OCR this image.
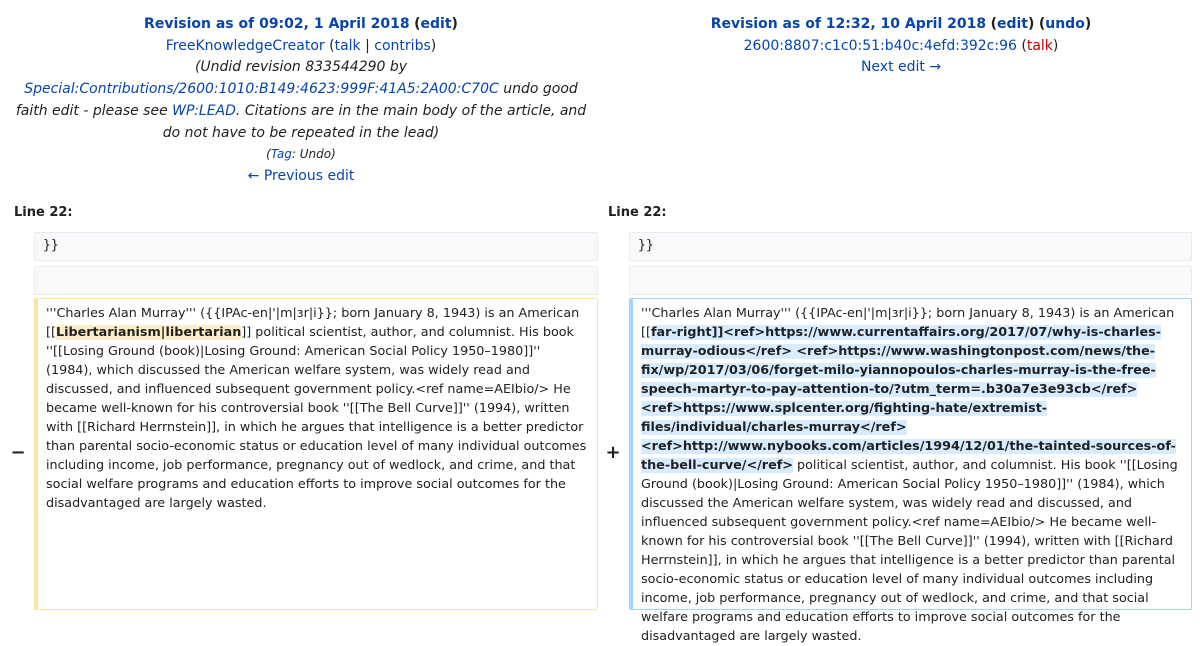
Revision as of 09:02, 1 April 2018 (edit)
FreeKnowledgeCreator (talk | contribs)
(Undid revision 833544290 by Special:Contributions/2600:1010:B149:4623:999F:41A5:2A00:C70C undo good faith edit - please see WP:LEAD. Citations are in the main body of the article, and do not have to be repeated in the lead)
(Tag: Undo)
← Previous edit
Revision as of 12:32, 10 April 2018 (edit) (undo)
2600:8807:c1c0:51:b40c:4efd:392c:96 (talk)
Next edit →
Line 22:	Line 22:
}}	}}
−	+
'''Charles Alan Murray''' ({{IPAc-en|'|m|ɜr|i}}; born January 8, 1943) is an American [[Libertarianism|libertarian]] political scientist, author, and columnist. His book ''[[Losing Ground (book)|Losing Ground: American Social Policy 1950–1980]]'' (1984), which discussed the American welfare system, was widely read and discussed, and influenced subsequent government policy.<ref name=AEIbio/> He became well-known for his controversial book ''[[The Bell Curve]]'' (1994), written with [[Richard Herrnstein]], in which he argues that intelligence is a better predictor than parental socio-economic status or education level of many individual outcomes including income, job performance, pregnancy out of wedlock, and crime, and that social welfare programs and education efforts to improve social outcomes for the disadvantaged are largely wasted.
'''Charles Alan Murray''' ({{IPAc-en|'|m|ɜr|i}}; born January 8, 1943) is an American [[far-right]]<ref>https://www.currentaffairs.org/2017/07/why-is-charles-murray-odious</ref> <ref>https://www.washingtonpost.com/news/the-fix/wp/2017/03/06/forget-milo-yiannopoulos-charles-murray-is-the-free-speech-martyr-to-pay-attention-to/?utm_term=.b30a7e3e93cb</ref> <ref>https://www.splcenter.org/fighting-hate/extremist-files/individual/charles-murray</ref> <ref>http://www.nybooks.com/articles/1994/12/01/the-tainted-sources-of-the-bell-curve/</ref> political scientist, author, and columnist. His book ''[[Losing Ground (book)|Losing Ground: American Social Policy 1950–1980]]'' (1984), which discussed the American welfare system, was widely read and discussed, and influenced subsequent government policy.<ref name=AEIbio/> He became well-known for his controversial book ''[[The Bell Curve]]'' (1994), written with [[Richard Herrnstein]], in which he argues that intelligence is a better predictor than parental socio-economic status or education level of many individual outcomes including income, job performance, pregnancy out of wedlock, and crime, and that social welfare programs and education efforts to improve social outcomes for the disadvantaged are largely wasted.
